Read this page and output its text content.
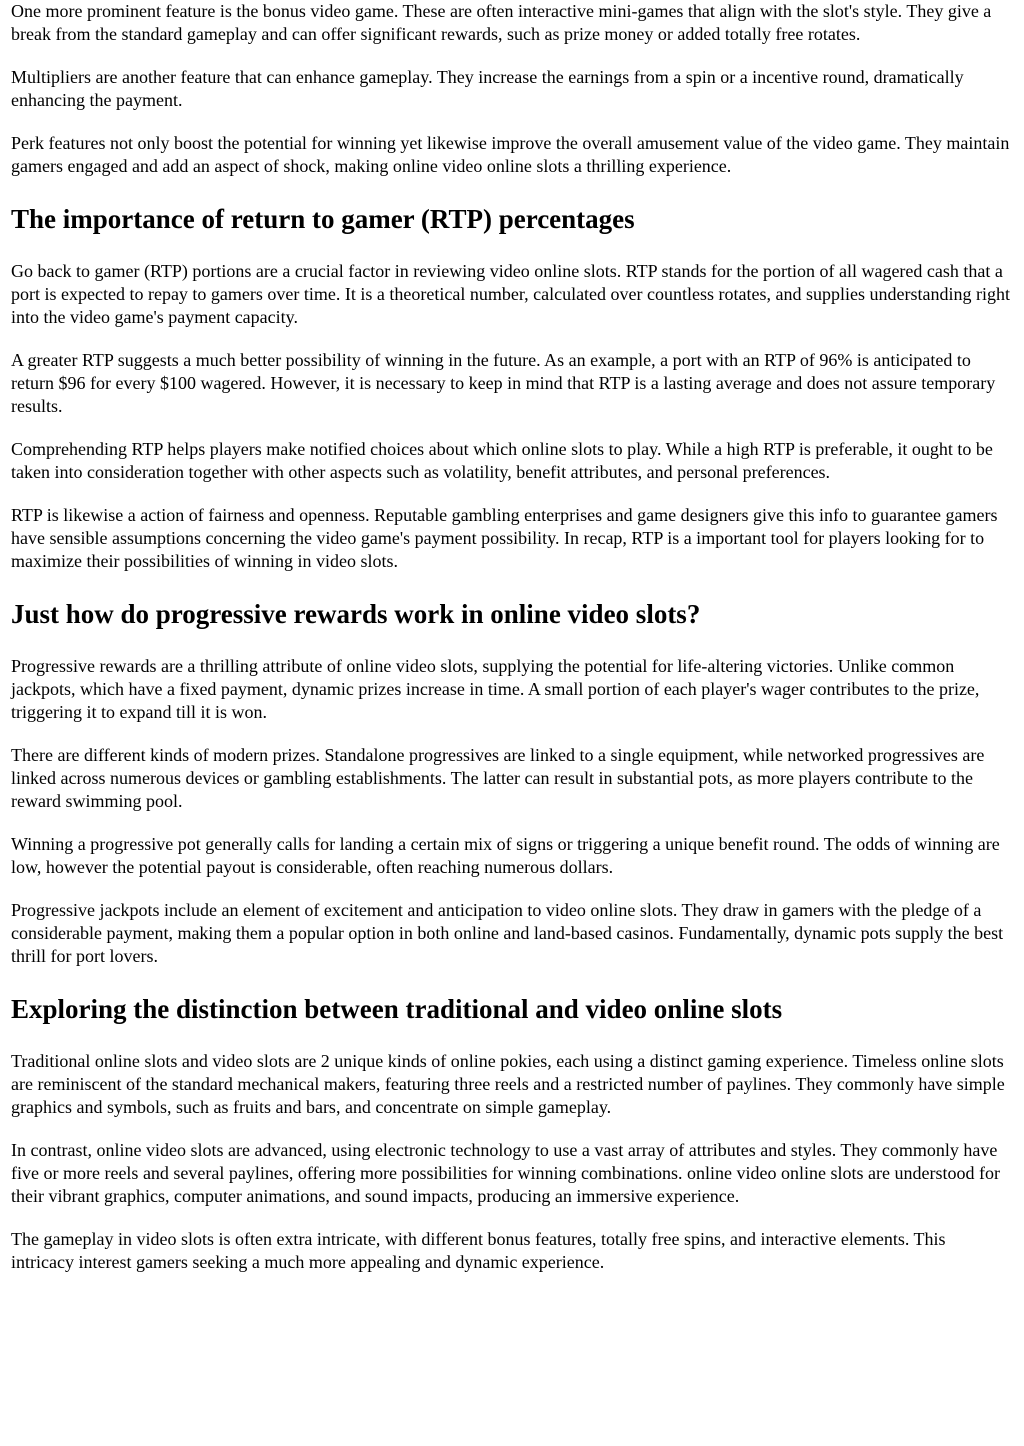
One more prominent feature is the bonus video game. These are often interactive mini-games that align with the slot's style. They give a break from the standard gameplay and can offer significant rewards, such as prize money or added totally free rotates.

Multipliers are another feature that can enhance gameplay. They increase the earnings from a spin or a incentive round, dramatically enhancing the payment.

Perk features not only boost the potential for winning yet likewise improve the overall amusement value of the video game. They maintain gamers engaged and add an aspect of shock, making online video online slots a thrilling experience.

The importance of return to gamer (RTP) percentages

Go back to gamer (RTP) portions are a crucial factor in reviewing video online slots. RTP stands for the portion of all wagered cash that a port is expected to repay to gamers over time. It is a theoretical number, calculated over countless rotates, and supplies understanding right into the video game's payment capacity.

A greater RTP suggests a much better possibility of winning in the future. As an example, a port with an RTP of 96% is anticipated to return $96 for every $100 wagered. However, it is necessary to keep in mind that RTP is a lasting average and does not assure temporary results.

Comprehending RTP helps players make notified choices about which online slots to play. While a high RTP is preferable, it ought to be taken into consideration together with other aspects such as volatility, benefit attributes, and personal preferences.

RTP is likewise a action of fairness and openness. Reputable gambling enterprises and game designers give this info to guarantee gamers have sensible assumptions concerning the video game's payment possibility. In recap, RTP is a important tool for players looking for to maximize their possibilities of winning in video slots.

Just how do progressive rewards work in online video slots?

Progressive rewards are a thrilling attribute of online video slots, supplying the potential for life-altering victories. Unlike common jackpots, which have a fixed payment, dynamic prizes increase in time. A small portion of each player's wager contributes to the prize, triggering it to expand till it is won.

There are different kinds of modern prizes. Standalone progressives are linked to a single equipment, while networked progressives are linked across numerous devices or gambling establishments. The latter can result in substantial pots, as more players contribute to the reward swimming pool.

Winning a progressive pot generally calls for landing a certain mix of signs or triggering a unique benefit round. The odds of winning are low, however the potential payout is considerable, often reaching numerous dollars.

Progressive jackpots include an element of excitement and anticipation to video online slots. They draw in gamers with the pledge of a considerable payment, making them a popular option in both online and land-based casinos. Fundamentally, dynamic pots supply the best thrill for port lovers.

Exploring the distinction between traditional and video online slots

Traditional online slots and video slots are 2 unique kinds of online pokies, each using a distinct gaming experience. Timeless online slots are reminiscent of the standard mechanical makers, featuring three reels and a restricted number of paylines. They commonly have simple graphics and symbols, such as fruits and bars, and concentrate on simple gameplay.

In contrast, online video slots are advanced, using electronic technology to use a vast array of attributes and styles. They commonly have five or more reels and several paylines, offering more possibilities for winning combinations. online video online slots are understood for their vibrant graphics, computer animations, and sound impacts, producing an immersive experience.

The gameplay in video slots is often extra intricate, with different bonus features, totally free spins, and interactive elements. This intricacy interest gamers seeking a much more appealing and dynamic experience.
